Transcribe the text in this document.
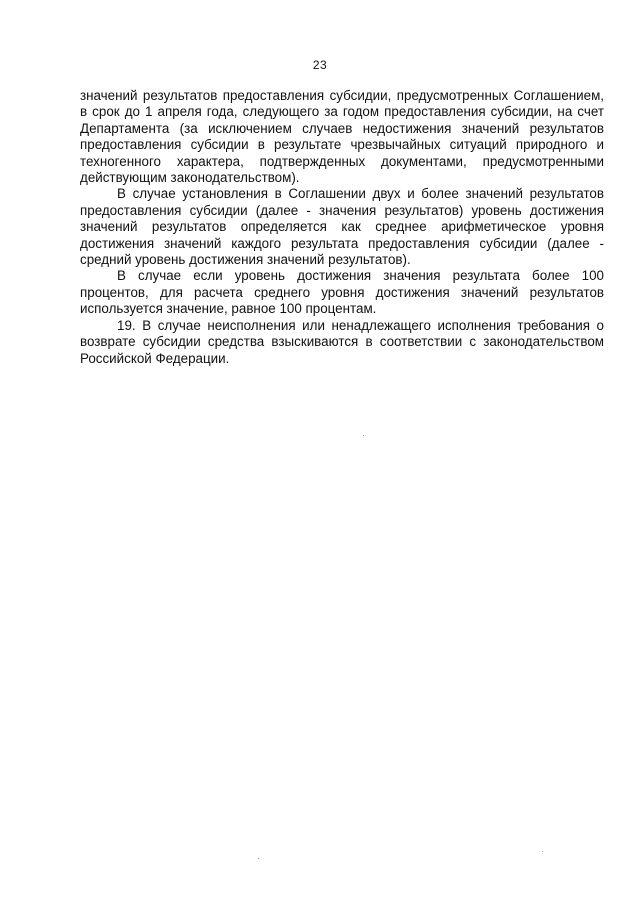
23

значений результатов предоставления субсидии, предусмотренных Соглашением, в срок до 1 апреля года, следующего за годом предоставления субсидии, на счет Департамента (за исключением случаев недостижения значений результатов предоставления субсидии в результате чрезвычайных ситуаций природного и техногенного характера, подтвержденных документами, предусмотренными действующим законодательством).

В случае установления в Соглашении двух и более значений результатов предоставления субсидии (далее - значения результатов) уровень достижения значений результатов определяется как среднее арифметическое уровня достижения значений каждого результата предоставления субсидии (далее - средний уровень достижения значений результатов).

В случае если уровень достижения значения результата более 100 процентов, для расчета среднего уровня достижения значений результатов используется значение, равное 100 процентам.

19. В случае неисполнения или ненадлежащего исполнения требования о возврате субсидии средства взыскиваются в соответствии с законодательством Российской Федерации.
